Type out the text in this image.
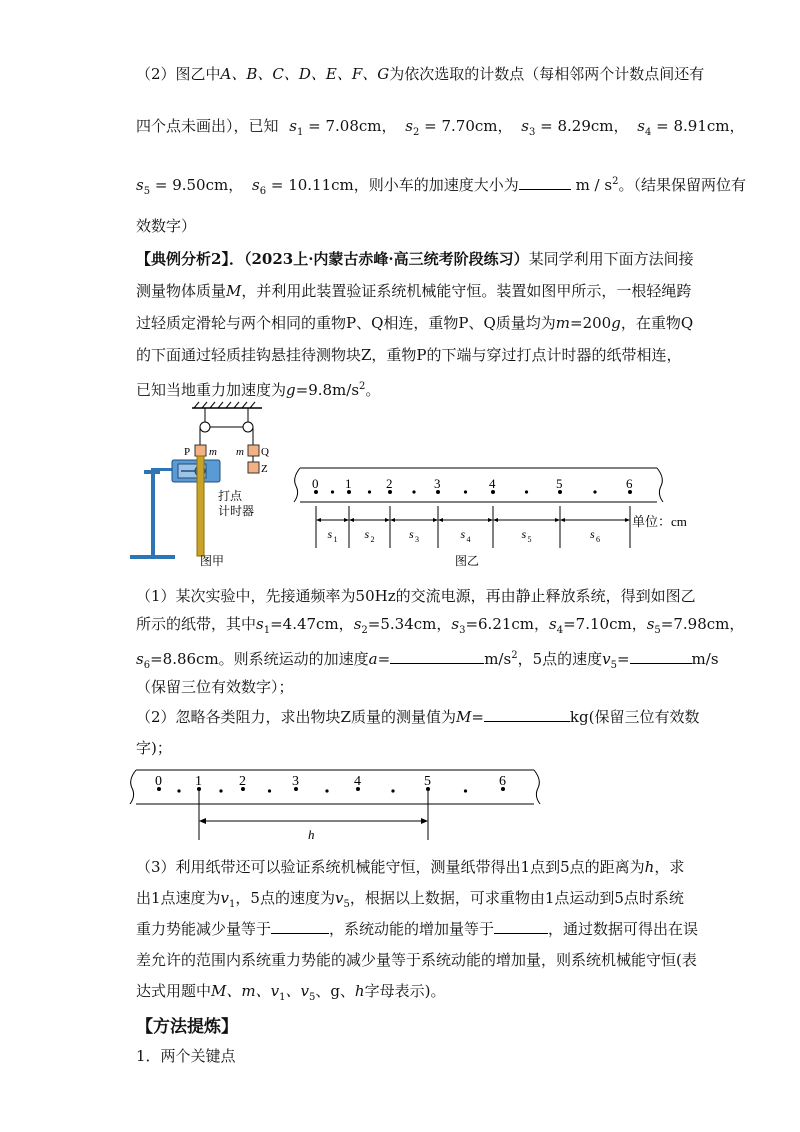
（2）图乙中A、B、C、D、E、F、G为依次选取的计数点（每相邻两个计数点间还有
四个点未画出），已知 $s_1 = 7.08cm$， $s_2 = 7.70cm$， $s_3 = 8.29cm$， $s_4 = 8.91cm$，
$s_5 = 9.50cm$， $s_6 = 10.11cm$，则小车的加速度大小为	m / $s^2$。（结果保留两位有
效数字）
【典例分析2】．（2023上·内蒙古赤峰·高三统考阶段练习）某同学利用下面方法间接
测量物体质量M，并利用此装置验证系统机械能守恒。装置如图甲所示，一根轻绳跨
过轻质定滑轮与两个相同的重物P、Q相连，重物P、Q质量均为m=200g，在重物Q
的下面通过轻质挂钩悬挂待测物块Z，重物P的下端与穿过打点计时器的纸带相连，
已知当地重力加速度为$g=9.8m/s^2$。
P m m Q
Z
打点
计时器
图甲
0 1	2	3	4	5	6
s 1 s 2	s 3	s 4	s 5	s 6
单位：cm
图乙
（1）某次实验中，先接通频率为50Hz的交流电源，再由静止释放系统，得到如图乙
所示的纸带，其中$s_1=4.47cm$，$s_2=5.34cm$，$s_3=6.21cm$，$s_4=7.10cm$，$s_5=7.98cm$，
$s_6=8.86cm$。则系统运动的加速度a=	$m/s^2$，5点的速度$v_5=$	m/s
（保留三位有效数字）；
（2）忽略各类阻力，求出物块Z质量的测量值为M=	kg(保留三位有效数
字)；
0 1	2	3	4	5	6
h
（3）利用纸带还可以验证系统机械能守恒，测量纸带得出1点到5点的距离为h，求
出1点速度为$v_1$，5点的速度为$v_5$，根据以上数据，可求重物由1点运动到5点时系统
重力势能减少量等于	，系统动能的增加量等于	，通过数据可得出在误
差允许的范围内系统重力势能的减少量等于系统动能的增加量，则系统机械能守恒(表
达式用题中M、m、$v_1$、$v_5$、g、h字母表示)。
【方法提炼】
1．两个关键点
